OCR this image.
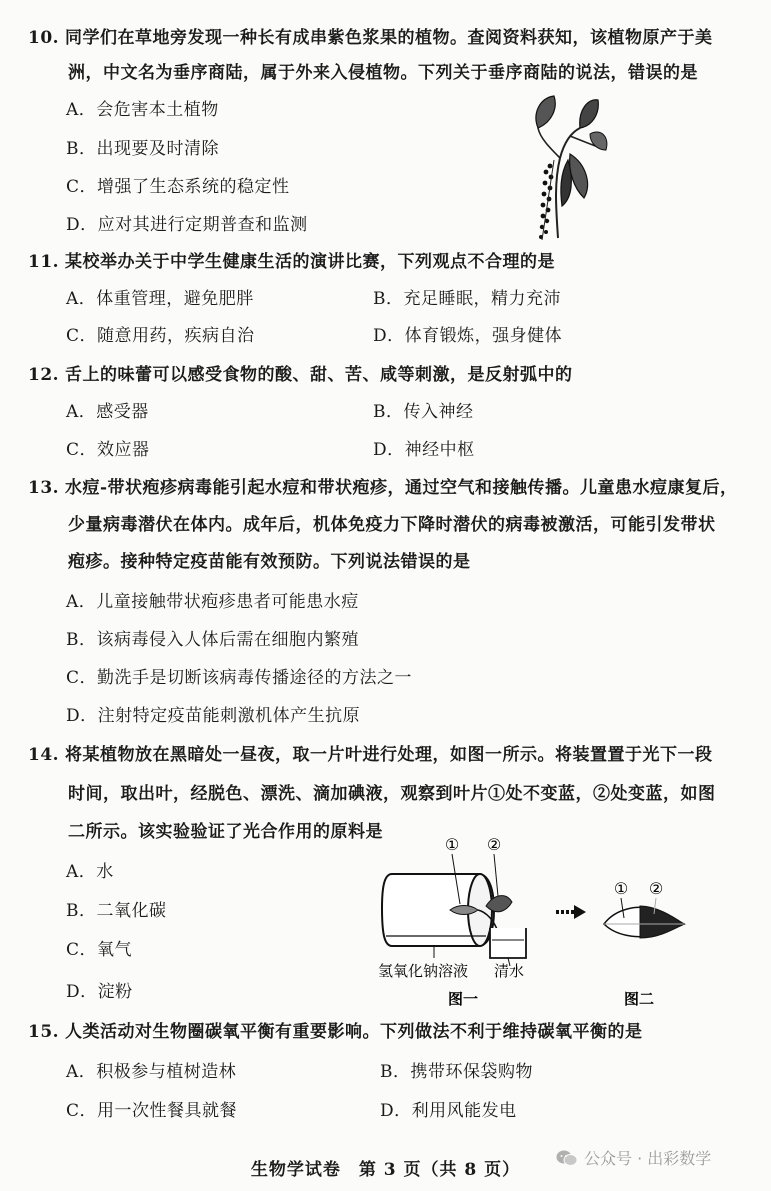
10. 同学们在草地旁发现一种长有成串紫色浆果的植物。查阅资料获知，该植物原产于美
洲，中文名为垂序商陆，属于外来入侵植物。下列关于垂序商陆的说法，错误的是
A．会危害本土植物
B．出现要及时清除
C．增强了生态系统的稳定性
D．应对其进行定期普查和监测
11. 某校举办关于中学生健康生活的演讲比赛，下列观点不合理的是
A．体重管理，避免肥胖	B．充足睡眠，精力充沛
C．随意用药，疾病自治	D．体育锻炼，强身健体
12. 舌上的味蕾可以感受食物的酸、甜、苦、咸等刺激，是反射弧中的
A．感受器	B．传入神经
C．效应器	D．神经中枢
13. 水痘-带状疱疹病毒能引起水痘和带状疱疹，通过空气和接触传播。儿童患水痘康复后，
少量病毒潜伏在体内。成年后，机体免疫力下降时潜伏的病毒被激活，可能引发带状
疱疹。接种特定疫苗能有效预防。下列说法错误的是
A．儿童接触带状疱疹患者可能患水痘
B．该病毒侵入人体后需在细胞内繁殖
C．勤洗手是切断该病毒传播途径的方法之一
D．注射特定疫苗能刺激机体产生抗原
14. 将某植物放在黑暗处一昼夜，取一片叶进行处理，如图一所示。将装置置于光下一段
时间，取出叶，经脱色、漂洗、滴加碘液，观察到叶片①处不变蓝，②处变蓝，如图
二所示。该实验验证了光合作用的原料是
A．水
B．二氧化碳
C．氧气
D．淀粉
① ②
氢氧化钠溶液 清水
图一
① ②
图二
15. 人类活动对生物圈碳氧平衡有重要影响。下列做法不利于维持碳氧平衡的是
A．积极参与植树造林	B．携带环保袋购物
C．用一次性餐具就餐	D．利用风能发电
生物学试卷　第 3 页（共 8 页）
公众号 · 出彩数学
